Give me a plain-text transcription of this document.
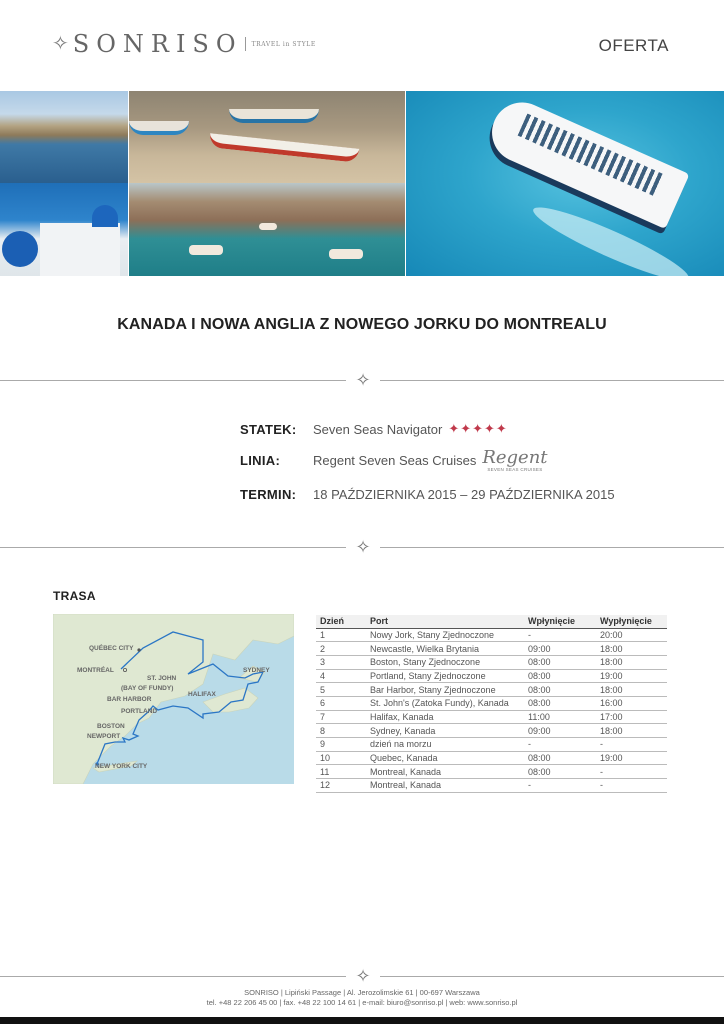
✧ SONRISO TRAVEL in STYLE	OFERTA
KANADA I NOWA ANGLIA Z NOWEGO JORKU DO MONTREALU
✧
STATEK:	Seven Seas Navigator ✦✦✦✦✦
LINIA:	Regent Seven Seas Cruises Regent
SEVEN SEAS CRUISES
TERMIN:	18 PAŹDZIERNIKA 2015 – 29 PAŹDZIERNIKA 2015
✧
TRASA
QUÉBEC CITY
MONTRÉAL	SYDNEY
ST. JOHN
(BAY OF FUNDY)
HALIFAX
BAR HARBOR
PORTLAND
BOSTON
NEWPORT
NEW YORK CITY
Dzień	Port	Wpłynięcie	Wypłynięcie
1	Nowy Jork, Stany Zjednoczone	-	20:00
2	Newcastle, Wielka Brytania	09:00	18:00
3	Boston, Stany Zjednoczone	08:00	18:00
4	Portland, Stany Zjednoczone	08:00	19:00
5	Bar Harbor, Stany Zjednoczone	08:00	18:00
6	St. John's (Zatoka Fundy), Kanada	08:00	16:00
7	Halifax, Kanada	11:00	17:00
8	Sydney, Kanada	09:00	18:00
9	dzień na morzu	-	-
10	Quebec, Kanada	08:00	19:00
11	Montreal, Kanada	08:00	-
12	Montreal, Kanada	-	-
✧
SONRISO | Lipiński Passage | Al. Jerozolimskie 61 | 00-697 Warszawa
tel. +48 22 206 45 00 | fax. +48 22 100 14 61 | e-mail: biuro@sonriso.pl | web: www.sonriso.pl
